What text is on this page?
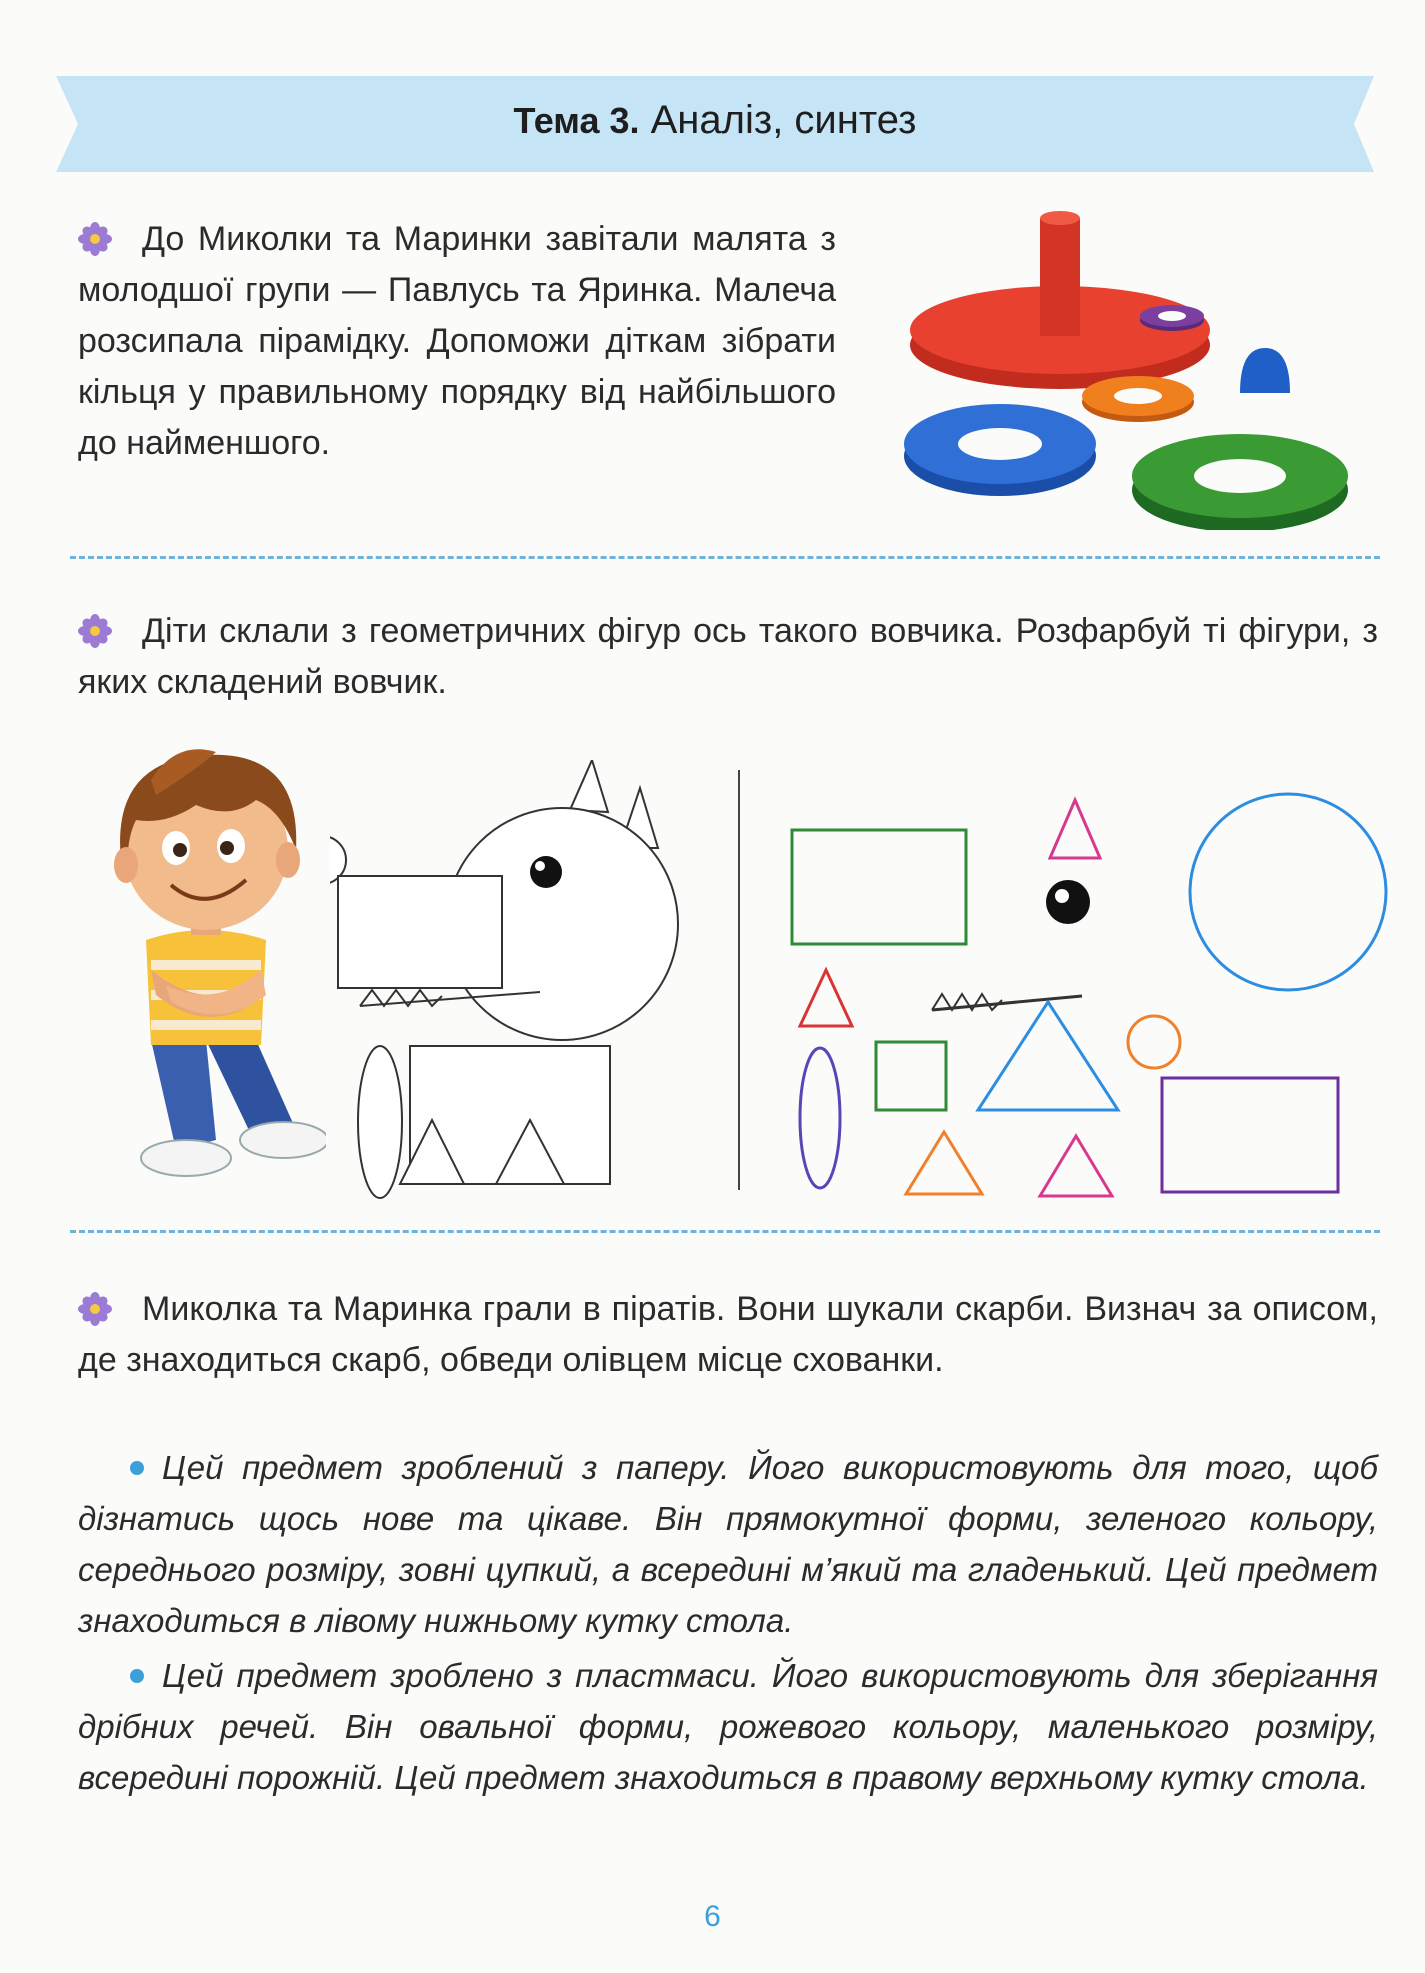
Тема 3. Аналіз, синтез
До Миколки та Маринки завітали малята з молодшої групи — Павлусь та Яринка. Малеча розсипала пірамідку. Допоможи діткам зібрати кільця у правильному порядку від найбільшого до найменшого.
Діти склали з геометричних фігур ось такого вовчика. Розфарбуй ті фігури, з яких складений вовчик.
Миколка та Маринка грали в піратів. Вони шукали скарби. Визнач за описом, де знаходиться скарб, обведи олівцем місце схованки.
Цей предмет зроблений з паперу. Його використовують для того, щоб дізнатись щось нове та цікаве. Він прямокутної форми, зеленого кольору, середнього розміру, зовні цупкий, а всередині м’який та гладенький. Цей предмет знаходиться в лівому нижньому кутку стола.
Цей предмет зроблено з пластмаси. Його використовують для зберігання дрібних речей. Він овальної форми, рожевого кольору, маленького розміру, всередині порожній. Цей предмет знаходиться в правому верхньому кутку стола.
6
